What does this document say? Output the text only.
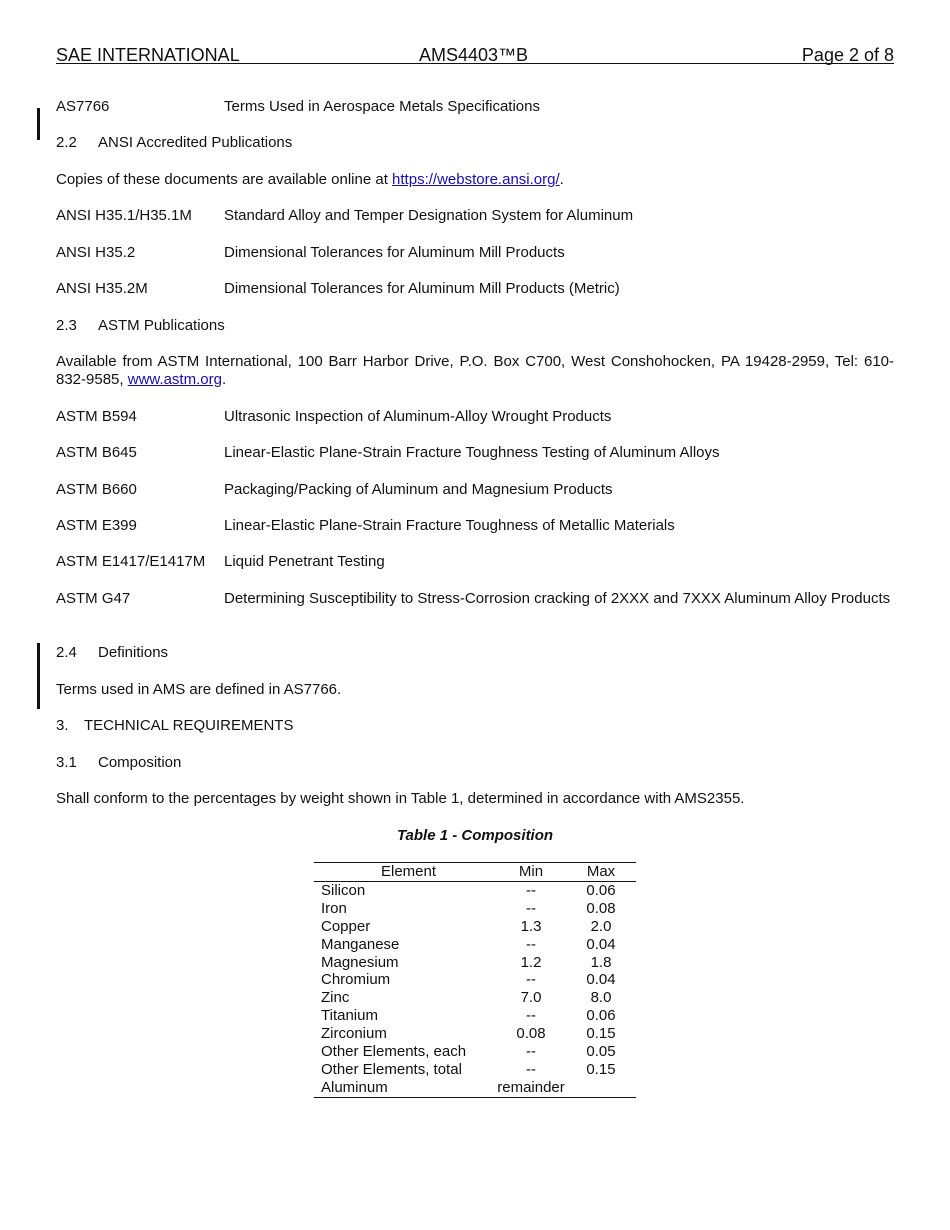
SAE INTERNATIONAL	AMS4403™B	Page 2 of 8
AS7766	Terms Used in Aerospace Metals Specifications
2.2 ANSI Accredited Publications
Copies of these documents are available online at https://webstore.ansi.org/.
ANSI H35.1/H35.1M Standard Alloy and Temper Designation System for Aluminum
ANSI H35.2	Dimensional Tolerances for Aluminum Mill Products
ANSI H35.2M	Dimensional Tolerances for Aluminum Mill Products (Metric)
2.3 ASTM Publications
Available from ASTM International, 100 Barr Harbor Drive, P.O. Box C700, West Conshohocken, PA 19428-2959, Tel: 610-832-9585, www.astm.org.
ASTM B594	Ultrasonic Inspection of Aluminum-Alloy Wrought Products
ASTM B645	Linear-Elastic Plane-Strain Fracture Toughness Testing of Aluminum Alloys
ASTM B660	Packaging/Packing of Aluminum and Magnesium Products
ASTM E399	Linear-Elastic Plane-Strain Fracture Toughness of Metallic Materials
ASTM E1417/E1417M Liquid Penetrant Testing
ASTM G47	Determining Susceptibility to Stress-Corrosion cracking of 2XXX and 7XXX Aluminum Alloy Products
2.4 Definitions
Terms used in AMS are defined in AS7766.
3. TECHNICAL REQUIREMENTS
3.1 Composition
Shall conform to the percentages by weight shown in Table 1, determined in accordance with AMS2355.
Table 1 - Composition
Element	Min	Max
Silicon	--	0.06
Iron	--	0.08
Copper	1.3	2.0
Manganese	--	0.04
Magnesium	1.2	1.8
Chromium	--	0.04
Zinc	7.0	8.0
Titanium	--	0.06
Zirconium	0.08	0.15
Other Elements, each	--	0.05
Other Elements, total	--	0.15
Aluminum	remainder	
